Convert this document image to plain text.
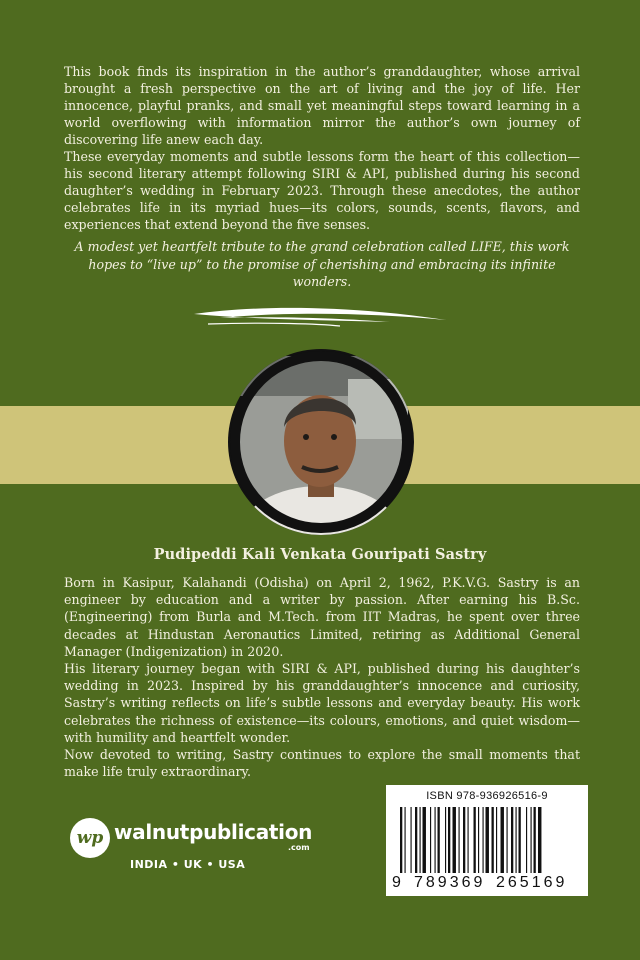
This book finds its inspiration in the author’s granddaughter, whose arrival brought a fresh perspective on the art of living and the joy of life. Her innocence, playful pranks, and small yet meaningful steps toward learning in a world overflowing with information mirror the author’s own journey of discovering life anew each day.

These everyday moments and subtle lessons form the heart of this collection—his second literary attempt following SIRI & API, published during his second daughter’s wedding in February 2023. Through these anecdotes, the author celebrates life in its myriad hues—its colors, sounds, scents, flavors, and experiences that extend beyond the five senses.

A modest yet heartfelt tribute to the grand celebration called LIFE, this work hopes to “live up” to the promise of cherishing and embracing its infinite wonders.
Pudipeddi Kali Venkata Gouripati Sastry

Born in Kasipur, Kalahandi (Odisha) on April 2, 1962, P.K.V.G. Sastry is an engineer by education and a writer by passion. After earning his B.Sc. (Engineering) from Burla and M.Tech. from IIT Madras, he spent over three decades at Hindustan Aeronautics Limited, retiring as Additional General Manager (Indigenization) in 2020.

His literary journey began with SIRI & API, published during his daughter’s wedding in 2023. Inspired by his granddaughter’s innocence and curiosity, Sastry’s writing reflects on life’s subtle lessons and everyday beauty. His work celebrates the richness of existence—its colours, emotions, and quiet wisdom—with humility and heartfelt wonder.

Now devoted to writing, Sastry continues to explore the small moments that make life truly extraordinary.

wp walnutpublication
.com
INDIA • UK • USA
ISBN 978-936926516-9
9 789369 265169
